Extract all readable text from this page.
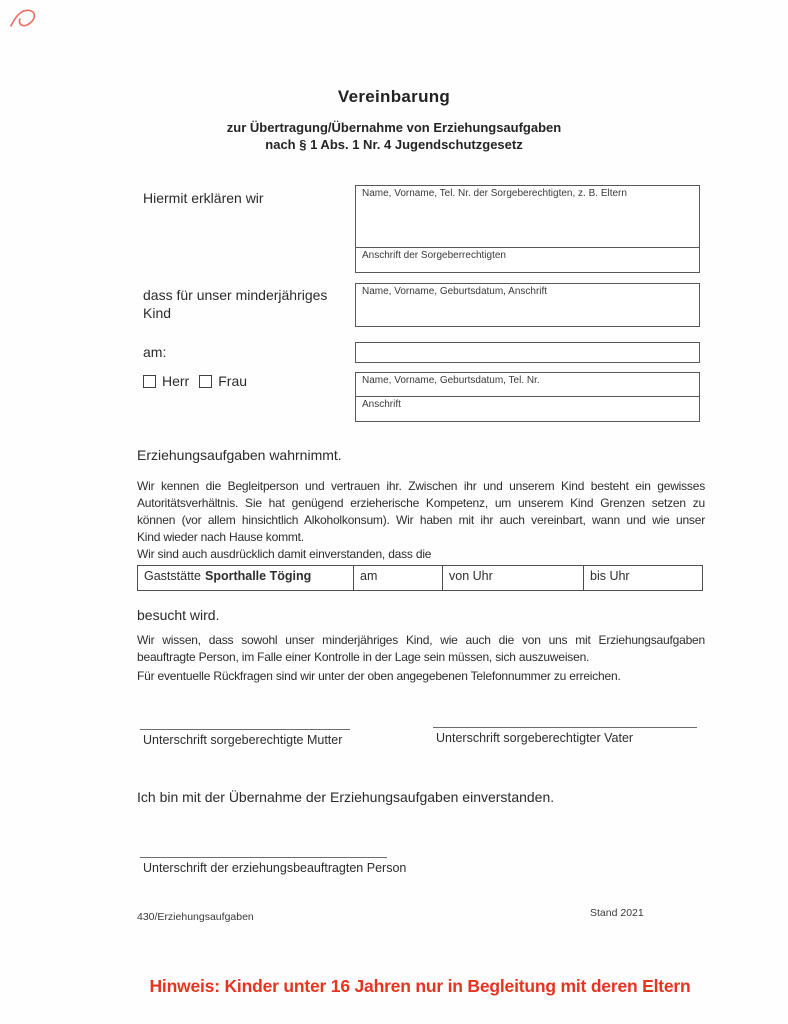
Vereinbarung
zur Übertragung/Übernahme von Erziehungsaufgaben
nach § 1 Abs. 1 Nr. 4 Jugendschutzgesetz
Hiermit erklären wir	Name, Vorname, Tel. Nr. der Sorgeberechtigten, z. B. Eltern
Anschrift der Sorgeberrechtigten
dass für unser minderjähriges Kind
Name, Vorname, Geburtsdatum, Anschrift
am:
Herr Frau	Name, Vorname, Geburtsdatum, Tel. Nr.
Anschrift
Erziehungsaufgaben wahrnimmt.
Wir kennen die Begleitperson und vertrauen ihr. Zwischen ihr und unserem Kind besteht ein gewisses
Autoritätsverhältnis. Sie hat genügend erzieherische Kompetenz, um unserem Kind Grenzen setzen zu
können (vor allem hinsichtlich Alkoholkonsum). Wir haben mit ihr auch vereinbart, wann und wie unser
Kind wieder nach Hause kommt.
Wir sind auch ausdrücklich damit einverstanden, dass die
Gaststätte Sporthalle Töging	am	von Uhr	bis Uhr
besucht wird.
Wir wissen, dass sowohl unser minderjähriges Kind, wie auch die von uns mit Erziehungsaufgaben
beauftragte Person, im Falle einer Kontrolle in der Lage sein müssen, sich auszuweisen.
Für eventuelle Rückfragen sind wir unter der oben angegebenen Telefonnummer zu erreichen.
Unterschrift sorgeberechtigte Mutter	Unterschrift sorgeberechtigter Vater
Ich bin mit der Übernahme der Erziehungsaufgaben einverstanden.
Unterschrift der erziehungsbeauftragten Person
430/Erziehungsaufgaben	Stand 2021
Hinweis: Kinder unter 16 Jahren nur in Begleitung mit deren Eltern
